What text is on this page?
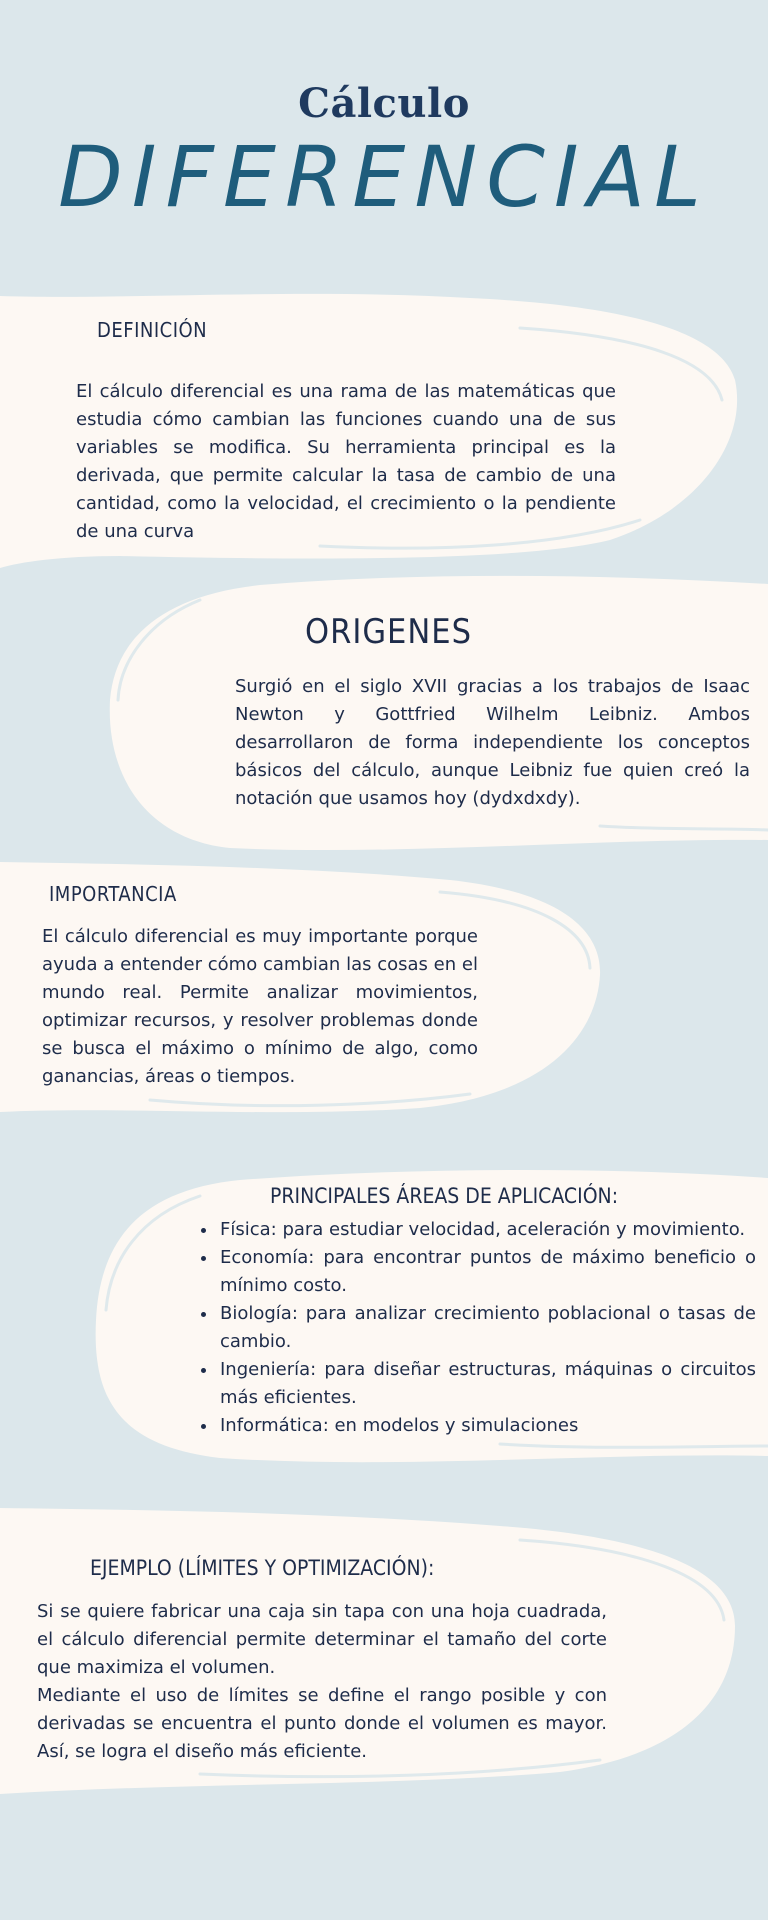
Cálculo
DIFERENCIAL
DEFINICIÓN

El cálculo diferencial es una rama de las matemáticas que estudia cómo cambian las funciones cuando una de sus variables se modifica. Su herramienta principal es la derivada, que permite calcular la tasa de cambio de una cantidad, como la velocidad, el crecimiento o la pendiente de una curva

ORIGENES

Surgió en el siglo XVII gracias a los trabajos de Isaac Newton y Gottfried Wilhelm Leibniz. Ambos desarrollaron de forma independiente los conceptos básicos del cálculo, aunque Leibniz fue quien creó la notación que usamos hoy (dydxdxdy).

IMPORTANCIA

El cálculo diferencial es muy importante porque ayuda a entender cómo cambian las cosas en el mundo real. Permite analizar movimientos, optimizar recursos, y resolver problemas donde se busca el máximo o mínimo de algo, como ganancias, áreas o tiempos.

PRINCIPALES ÁREAS DE APLICACIÓN:
• Física: para estudiar velocidad, aceleración y movimiento.
• Economía: para encontrar puntos de máximo beneficio o mínimo costo.
• Biología: para analizar crecimiento poblacional o tasas de cambio.
• Ingeniería: para diseñar estructuras, máquinas o circuitos más eficientes.
• Informática: en modelos y simulaciones
EJEMPLO (LÍMITES Y OPTIMIZACIÓN):

Si se quiere fabricar una caja sin tapa con una hoja cuadrada, el cálculo diferencial permite determinar el tamaño del corte que maximiza el volumen.

Mediante el uso de límites se define el rango posible y con derivadas se encuentra el punto donde el volumen es mayor. Así, se logra el diseño más eficiente.
